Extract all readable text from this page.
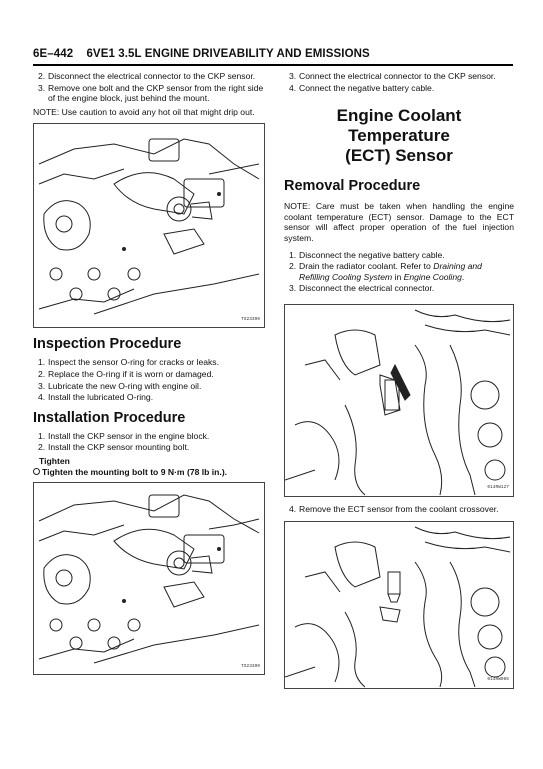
6E–442 6VE1 3.5L ENGINE DRIVEABILITY AND EMISSIONS
2. Disconnect the electrical connector to the CKP sensor.
3. Remove one bolt and the CKP sensor from the right side of the engine block, just behind the mount.
NOTE: Use caution to avoid any hot oil that might drip out.
TS23399
Inspection Procedure
1. Inspect the sensor O-ring for cracks or leaks.
2. Replace the O-ring if it is worn or damaged.
3. Lubricate the new O-ring with engine oil.
4. Install the lubricated O-ring.
Installation Procedure
1. Install the CKP sensor in the engine block.
2. Install the CKP sensor mounting bolt.
Tighten
Tighten the mounting bolt to 9 N·m (78 lb in.).
TS23399
3. Connect the electrical connector to the CKP sensor.
4. Connect the negative battery cable.
Engine Coolant Temperature
(ECT) Sensor
Removal Procedure
NOTE: Care must be taken when handling the engine coolant temperature (ECT) sensor. Damage to the ECT sensor will affect proper operation of the fuel injection system.
1. Disconnect the negative battery cable.
2. Drain the radiator coolant. Refer to Draining and Refilling Cooling System in Engine Cooling.
3. Disconnect the electrical connector.
014RW127
4. Remove the ECT sensor from the coolant crossover.
014RW065
